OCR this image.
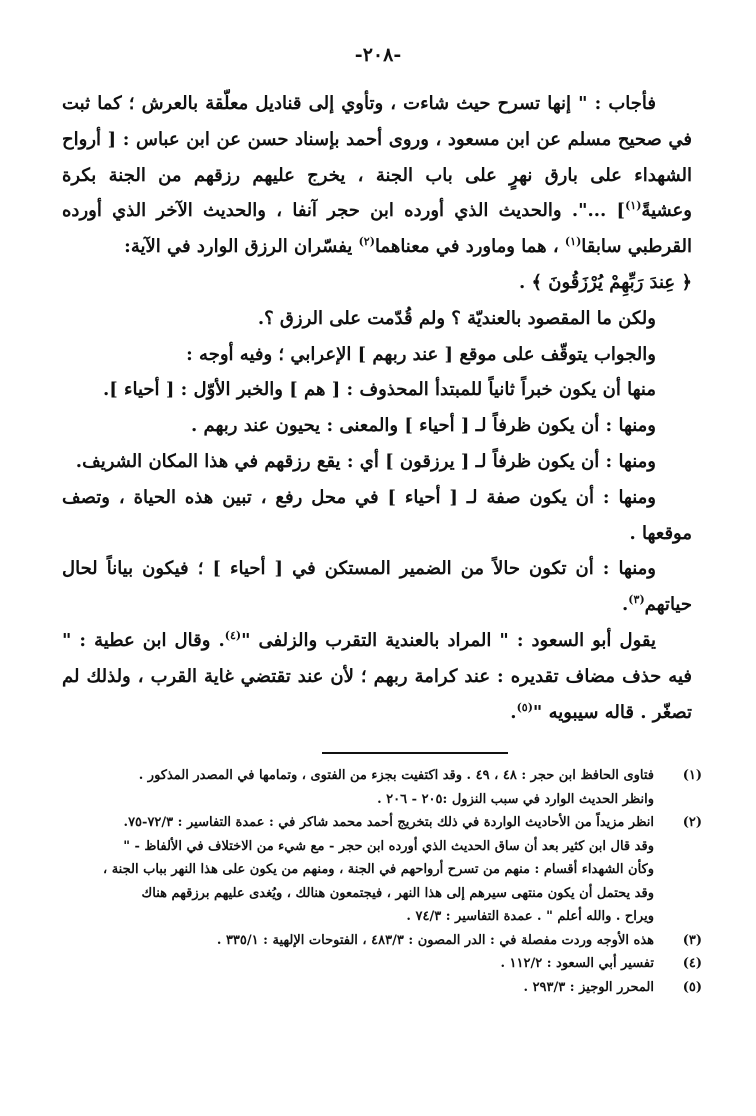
-٢٠٨-

فأجاب : " إنها تسرح حيث شاءت ، وتأوي إلى قناديل معلّقة بالعرش ؛ كما ثبت في صحيح مسلم عن ابن مسعود ، وروى أحمد بإسناد حسن عن ابن عباس : [ أرواح الشهداء على بارق نهرٍ على باب الجنة ، يخرج عليهم رزقهم من الجنة بكرة وعشيةً$^{(١)}$] ...". والحديث الذي أورده ابن حجر آنفا ، والحديث الآخر الذي أورده القرطبي سابقا$^{(١)}$ ، هما وماورد في معناهما$^{(٢)}$ يفسّران الرزق الوارد في الآية:
﴿ عِندَ رَبِّهِمْ يُرْزَقُونَ ﴾ .

ولكن ما المقصود بالعنديّة ؟ ولم قُدّمت على الرزق ؟.

والجواب يتوقّف على موقع [ عند ربهم ] الإعرابي ؛ وفيه أوجه :

منها أن يكون خبراً ثانياً للمبتدأ المحذوف : [ هم ] والخبر الأوّل : [ أحياء ].

ومنها : أن يكون ظرفاً لـ [ أحياء ] والمعنى : يحيون عند ربهم .

ومنها : أن يكون ظرفاً لـ [ يرزقون ] أي : يقع رزقهم في هذا المكان الشريف.

ومنها : أن يكون صفة لـ [ أحياء ] في محل رفع ، تبين هذه الحياة ، وتصف موقعها .

ومنها : أن تكون حالاً من الضمير المستكن في [ أحياء ] ؛ فيكون بياناً لحال حياتهم$^{(٣)}$.

يقول أبو السعود : " المراد بالعندية التقرب والزلفى "$^{(٤)}$. وقال ابن عطية : " فيه حذف مضاف تقديره : عند كرامة ربهم ؛ لأن عند تقتضي غاية القرب ، ولذلك لم تصغّر . قاله سيبويه "$^{(٥)}$.

(١)
فتاوى الحافظ ابن حجر : ٤٨ ، ٤٩ . وقد اكتفيت بجزء من الفتوى ، وتمامها في المصدر المذكور .
وانظر الحديث الوارد في سبب النزول :٢٠٥ - ٢٠٦ .
(٢)
انظر مزيداً من الأحاديث الواردة في ذلك بتخريج أحمد محمد شاكر في : عمدة التفاسير : ٧٢/٣-٧٥.
وقد قال ابن كثير بعد أن ساق الحديث الذي أورده ابن حجر - مع شيء من الاختلاف في الألفاظ - "
وكأن الشهداء أقسام : منهم من تسرح أرواحهم في الجنة ، ومنهم من يكون على هذا النهر بباب الجنة ،
وقد يحتمل أن يكون منتهى سيرهم إلى هذا النهر ، فيجتمعون هنالك ، ويُغدى عليهم برزقهم هناك
ويراح . والله أعلم " . عمدة التفاسير : ٧٤/٣ .
(٣)
هذه الأوجه وردت مفصلة في : الدر المصون : ٤٨٣/٣ ، الفتوحات الإلهية : ٣٣٥/١ .
(٤)
تفسير أبي السعود : ١١٢/٢ .
(٥)
المحرر الوجيز : ٢٩٣/٣ .
